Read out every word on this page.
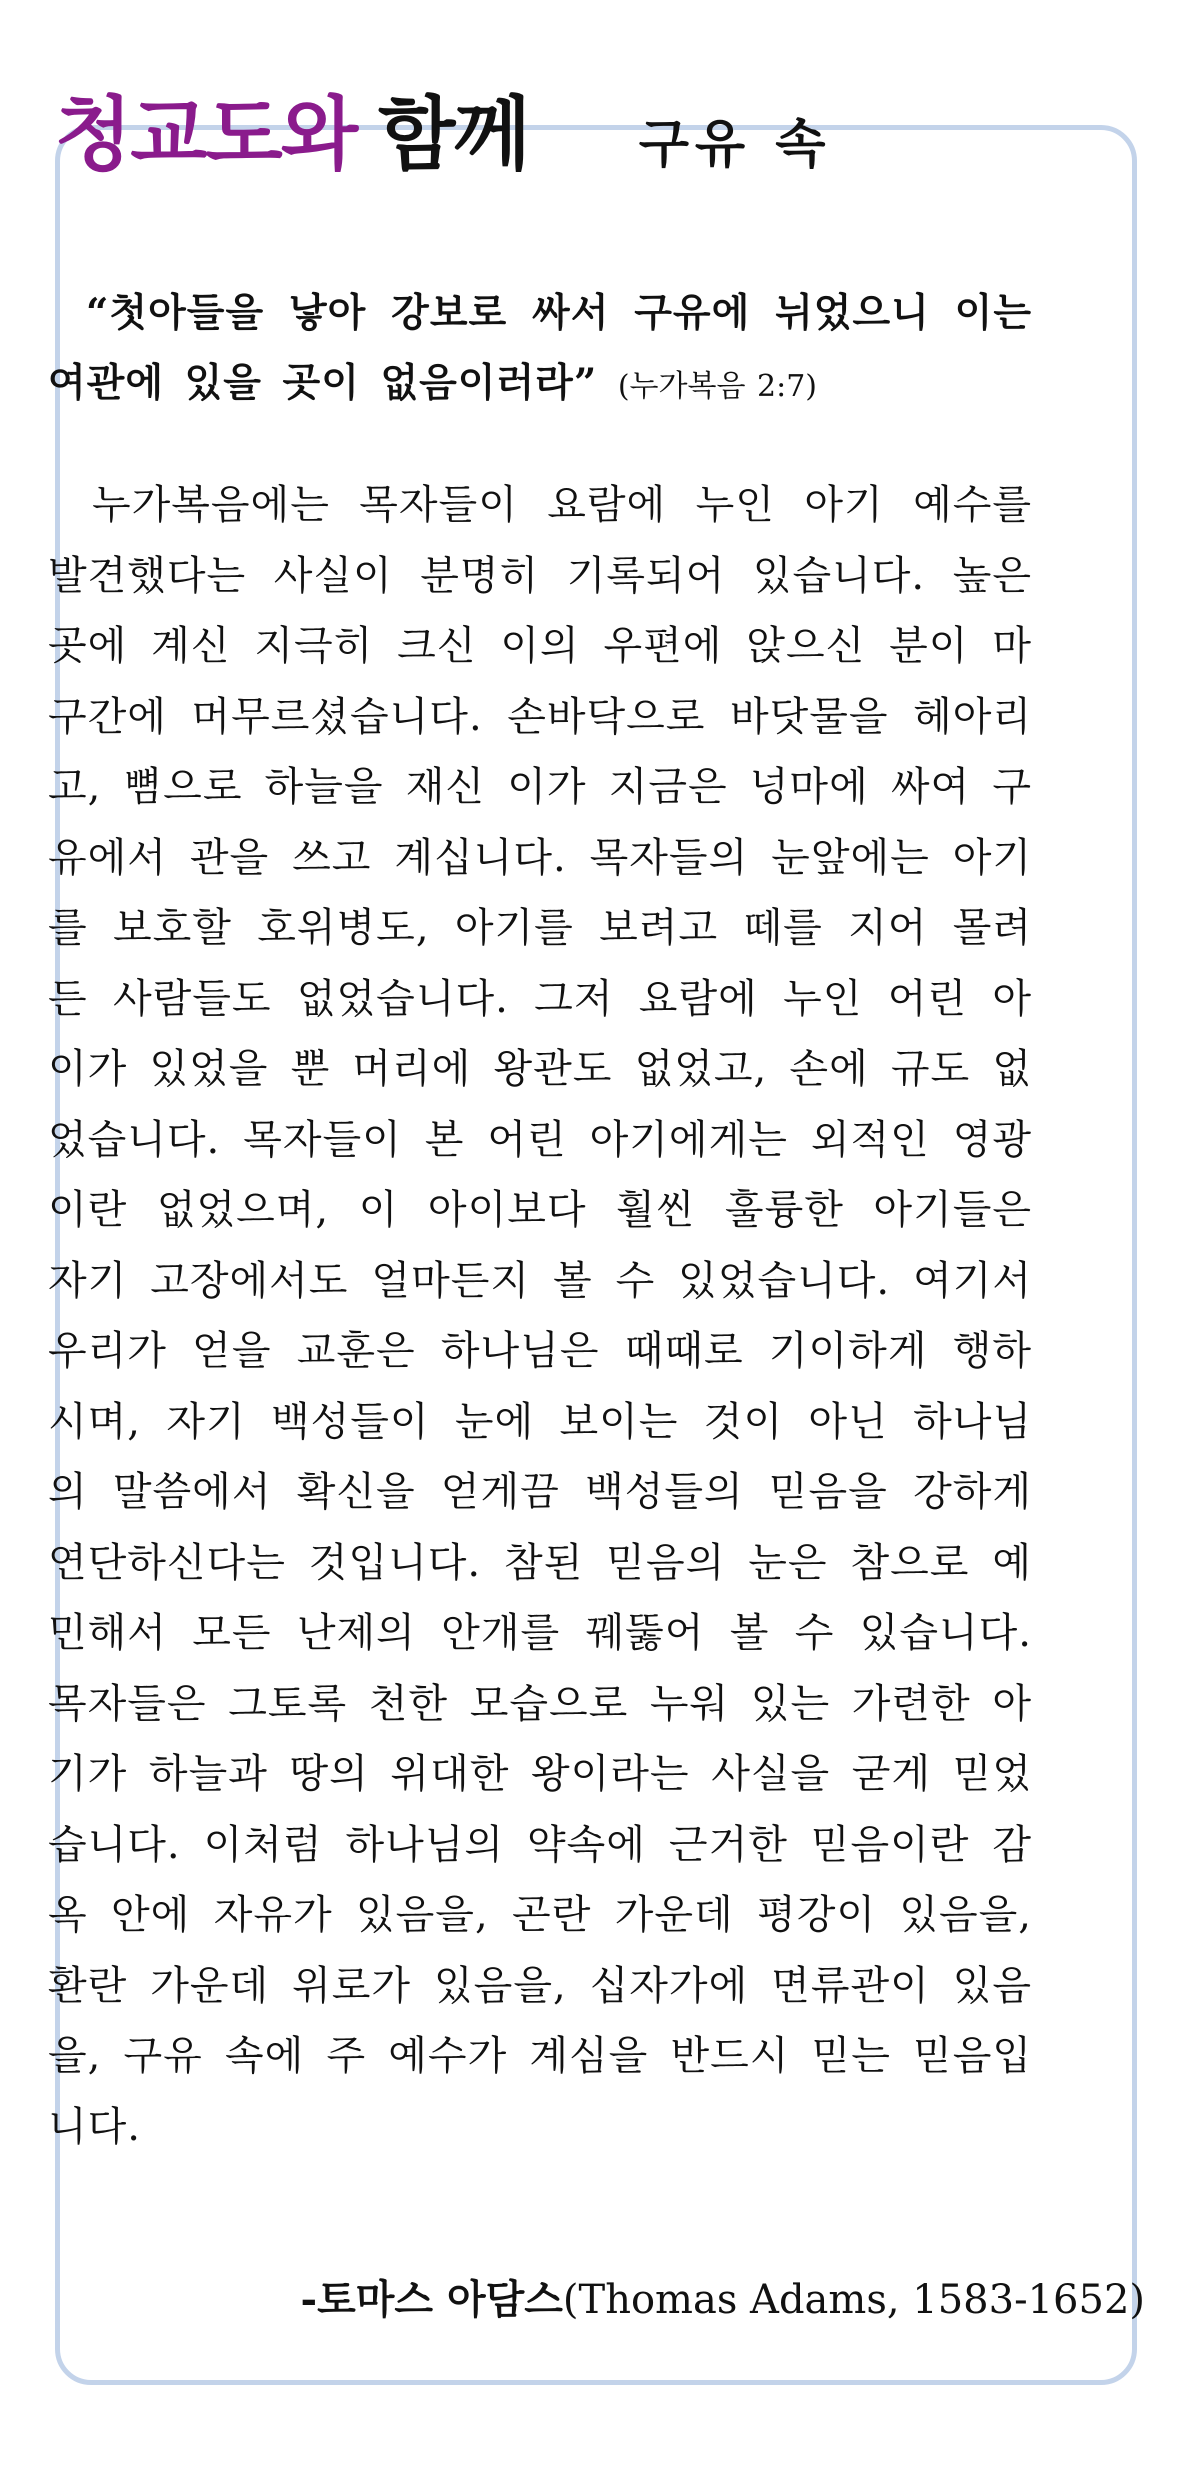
청교도와 함께 구유 속
“첫아들을 낳아 강보로 싸서 구유에 뉘었으니 이는 여관에 있을 곳이 없음이러라” (누가복음 2:7)
누가복음에는 목자들이 요람에 누인 아기 예수를 발견했다는 사실이 분명히 기록되어 있습니다. 높은 곳에 계신 지극히 크신 이의 우편에 앉으신 분이 마구간에 머무르셨습니다. 손바닥으로 바닷물을 헤아리고, 뼘으로 하늘을 재신 이가 지금은 넝마에 싸여 구유에서 관을 쓰고 계십니다. 목자들의 눈앞에는 아기를 보호할 호위병도, 아기를 보려고 떼를 지어 몰려든 사람들도 없었습니다. 그저 요람에 누인 어린 아이가 있었을 뿐 머리에 왕관도 없었고, 손에 규도 없었습니다. 목자들이 본 어린 아기에게는 외적인 영광이란 없었으며, 이 아이보다 훨씬 훌륭한 아기들은 자기 고장에서도 얼마든지 볼 수 있었습니다. 여기서 우리가 얻을 교훈은 하나님은 때때로 기이하게 행하시며, 자기 백성들이 눈에 보이는 것이 아닌 하나님의 말씀에서 확신을 얻게끔 백성들의 믿음을 강하게 연단하신다는 것입니다. 참된 믿음의 눈은 참으로 예민해서 모든 난제의 안개를 꿰뚫어 볼 수 있습니다. 목자들은 그토록 천한 모습으로 누워 있는 가련한 아기가 하늘과 땅의 위대한 왕이라는 사실을 굳게 믿었습니다. 이처럼 하나님의 약속에 근거한 믿음이란 감옥 안에 자유가 있음을, 곤란 가운데 평강이 있음을, 환란 가운데 위로가 있음을, 십자가에 면류관이 있음을, 구유 속에 주 예수가 계심을 반드시 믿는 믿음입니다.
-토마스 아담스(Thomas Adams, 1583-1652)
